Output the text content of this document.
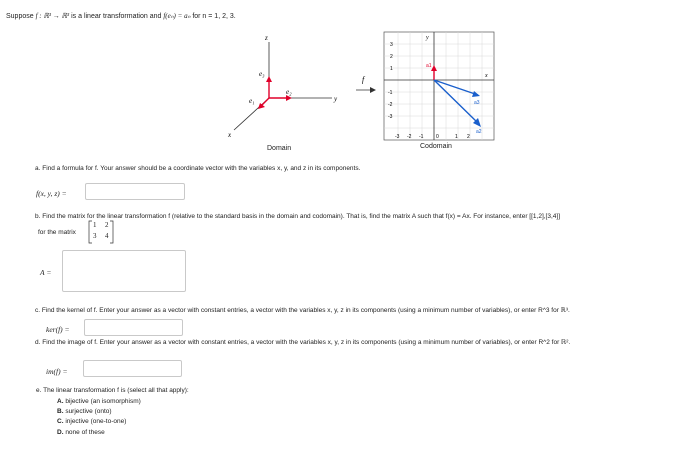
Suppose f : ℝ³ → ℝ³ is a linear transformation and f(eₙ) = aₙ for n = 1, 2, 3.
z
y
x
e₃
e₂
e₁
f
y
x
3
2
1
-1
-2
-3
-3 -2 -1	1 2
0
a1
a3
a2
Domain	Codomain
a. Find a formula for f. Your answer should be a coordinate vector with the variables x, y, and z in its components.
f(x, y, z) =
b. Find the matrix for the linear transformation f (relative to the standard basis in the domain and codomain). That is, find the matrix A such that f(x) = Ax. For instance, enter [[1,2],[3,4]]
for the matrix
1 2
3 4
A =
c. Find the kernel of f. Enter your answer as a vector with constant entries, a vector with the variables x, y, z in its components (using a minimum number of variables), or enter R^3 for ℝ³.
ker(f) =
d. Find the image of f. Enter your answer as a vector with constant entries, a vector with the variables x, y, z in its components (using a minimum number of variables), or enter R^2 for ℝ².
im(f) =
e. The linear transformation f is (select all that apply):
A. bijective (an isomorphism)
B. surjective (onto)
C. injective (one-to-one)
D. none of these
